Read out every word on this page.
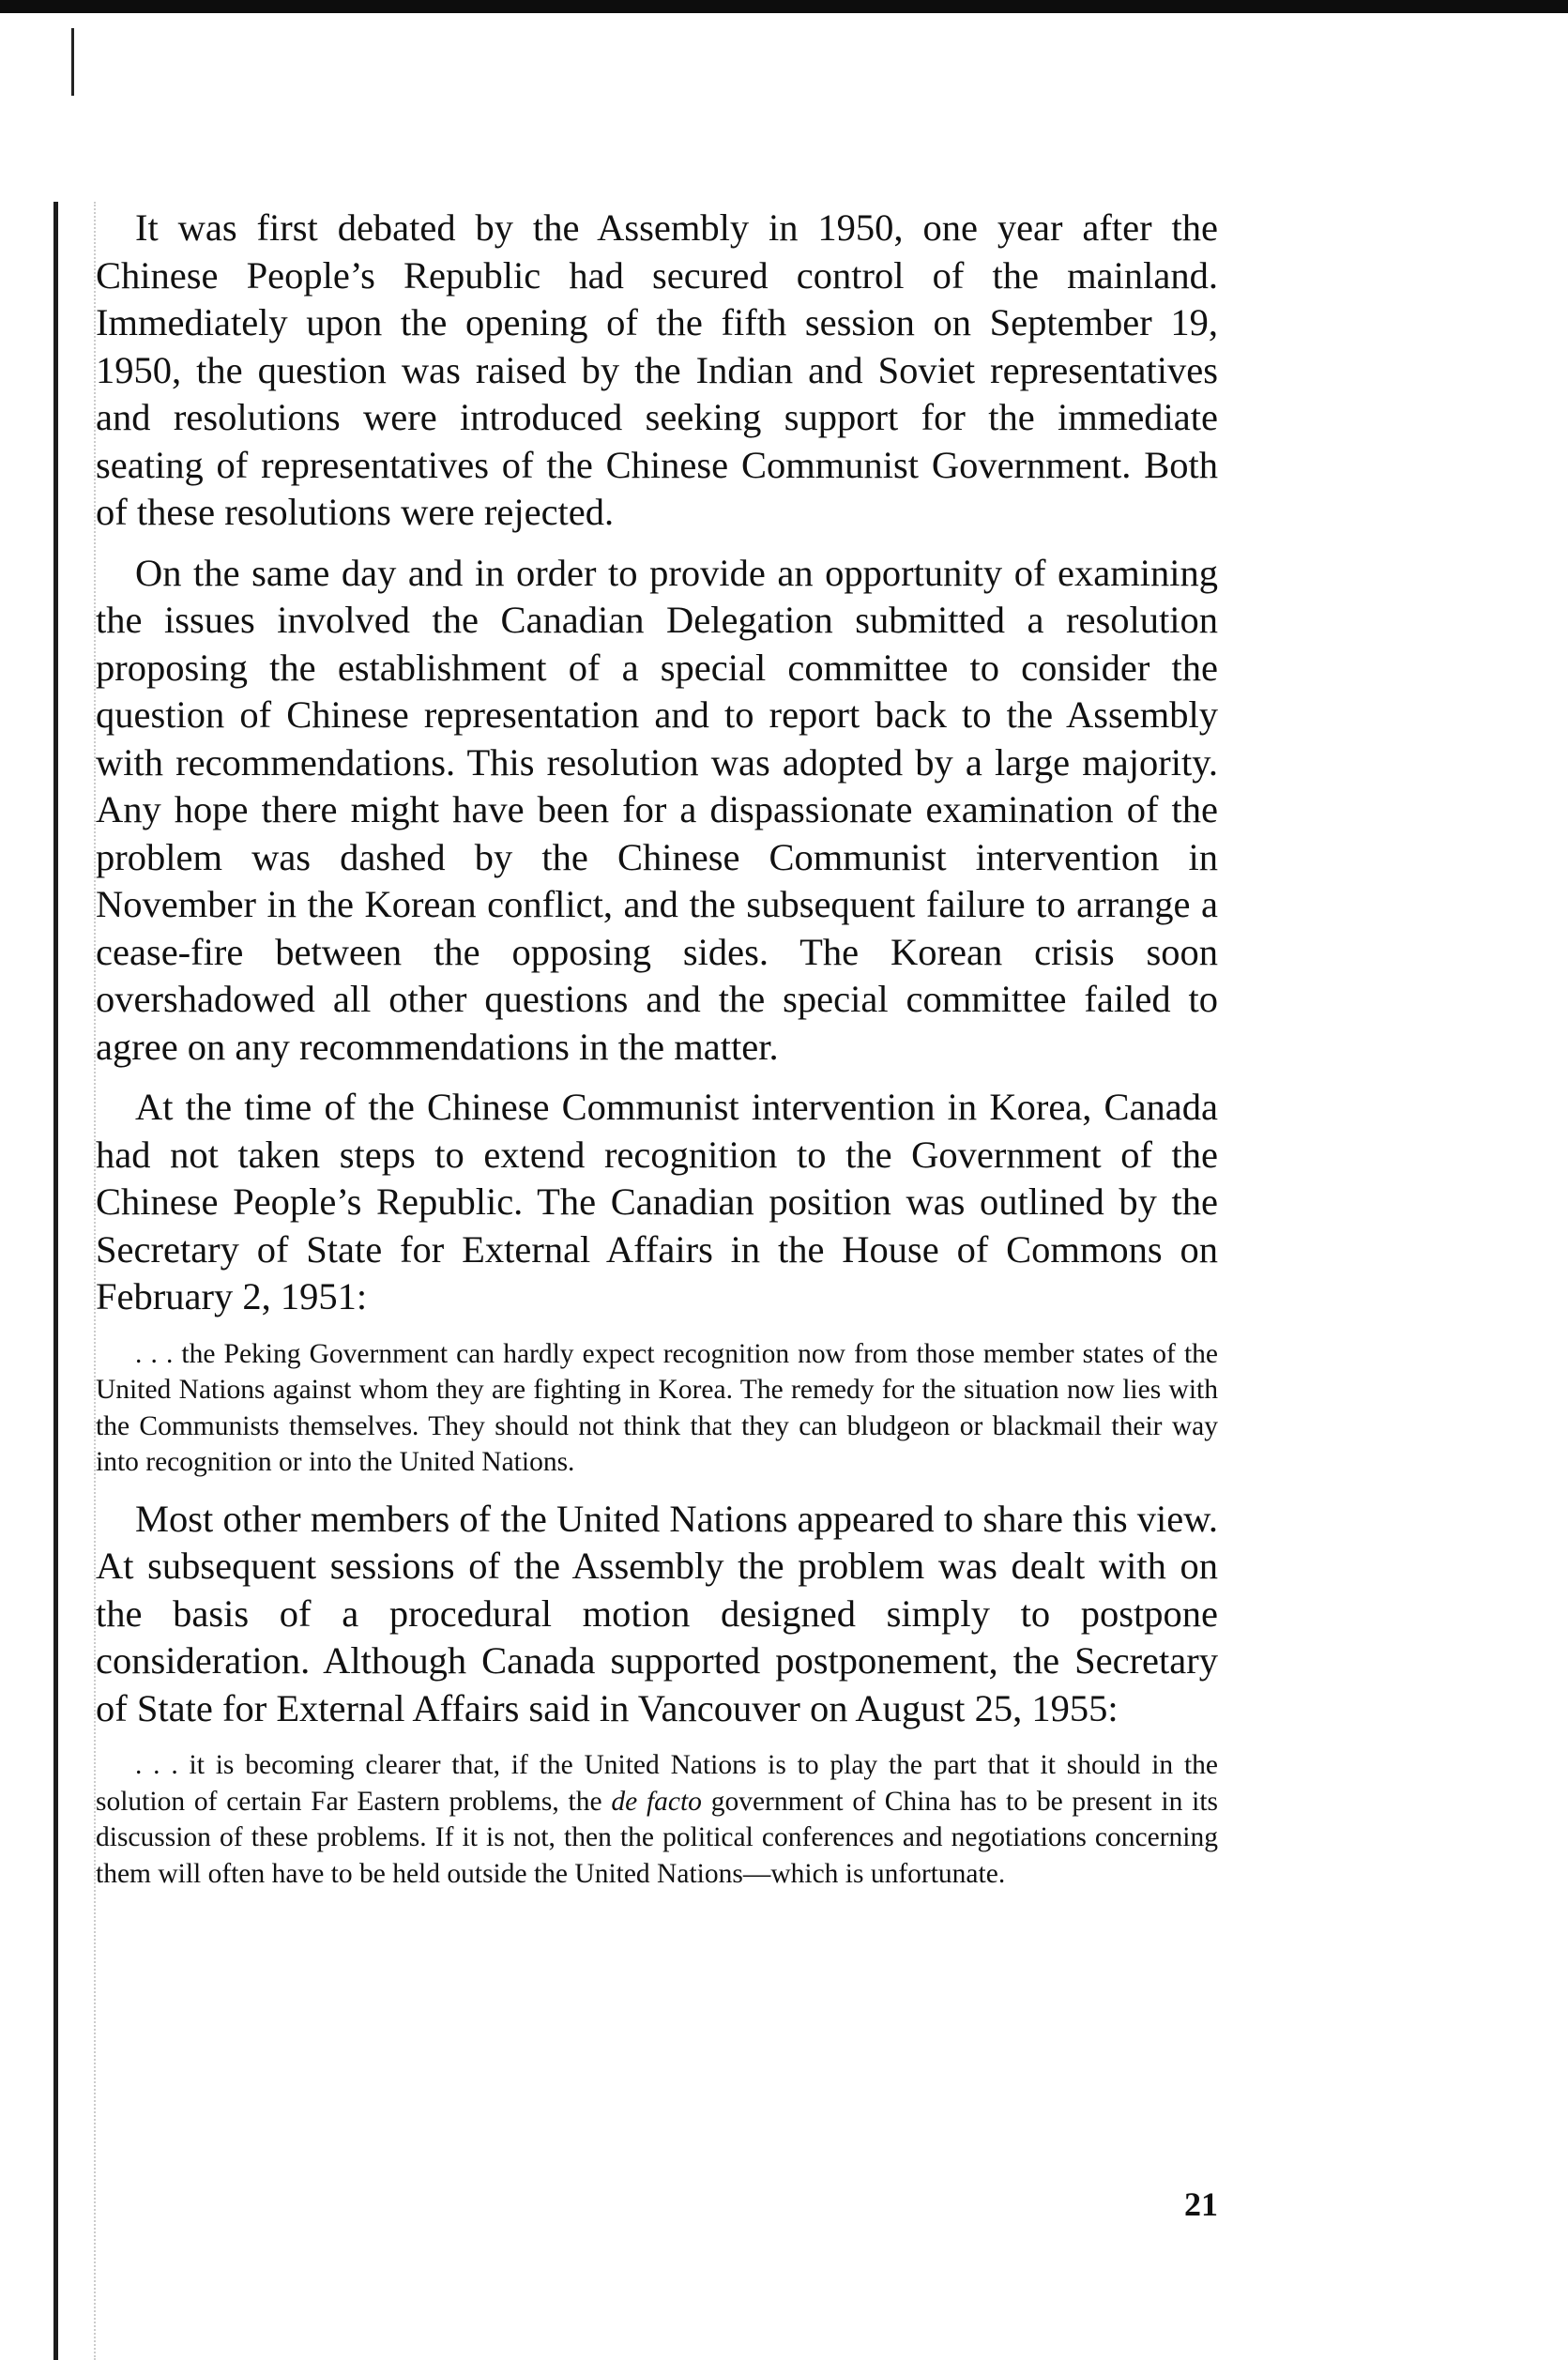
It was first debated by the Assembly in 1950, one year after the Chinese People’s Republic had secured control of the mainland. Immediately upon the opening of the fifth session on September 19, 1950, the question was raised by the Indian and Soviet representatives and resolutions were introduced seeking support for the immediate seating of representatives of the Chinese Communist Government. Both of these resolutions were rejected.

On the same day and in order to provide an opportunity of examining the issues involved the Canadian Delegation submitted a resolution proposing the establishment of a special committee to consider the question of Chinese representation and to report back to the Assembly with recommendations. This resolution was adopted by a large majority. Any hope there might have been for a dispassionate examination of the problem was dashed by the Chinese Communist intervention in November in the Korean conflict, and the subsequent failure to arrange a cease-fire between the opposing sides. The Korean crisis soon overshadowed all other questions and the special committee failed to agree on any recommendations in the matter.

At the time of the Chinese Communist intervention in Korea, Canada had not taken steps to extend recognition to the Government of the Chinese People’s Republic. The Canadian position was outlined by the Secretary of State for External Affairs in the House of Commons on February 2, 1951:

. . . the Peking Government can hardly expect recognition now from those member states of the United Nations against whom they are fighting in Korea. The remedy for the situation now lies with the Communists themselves. They should not think that they can bludgeon or blackmail their way into recognition or into the United Nations.

Most other members of the United Nations appeared to share this view. At subsequent sessions of the Assembly the problem was dealt with on the basis of a procedural motion designed simply to postpone consideration. Although Canada supported postponement, the Secretary of State for External Affairs said in Vancouver on August 25, 1955:

. . . it is becoming clearer that, if the United Nations is to play the part that it should in the solution of certain Far Eastern problems, the de facto government of China has to be present in its discussion of these problems. If it is not, then the political conferences and negotiations concerning them will often have to be held outside the United Nations—which is unfortunate.

21
